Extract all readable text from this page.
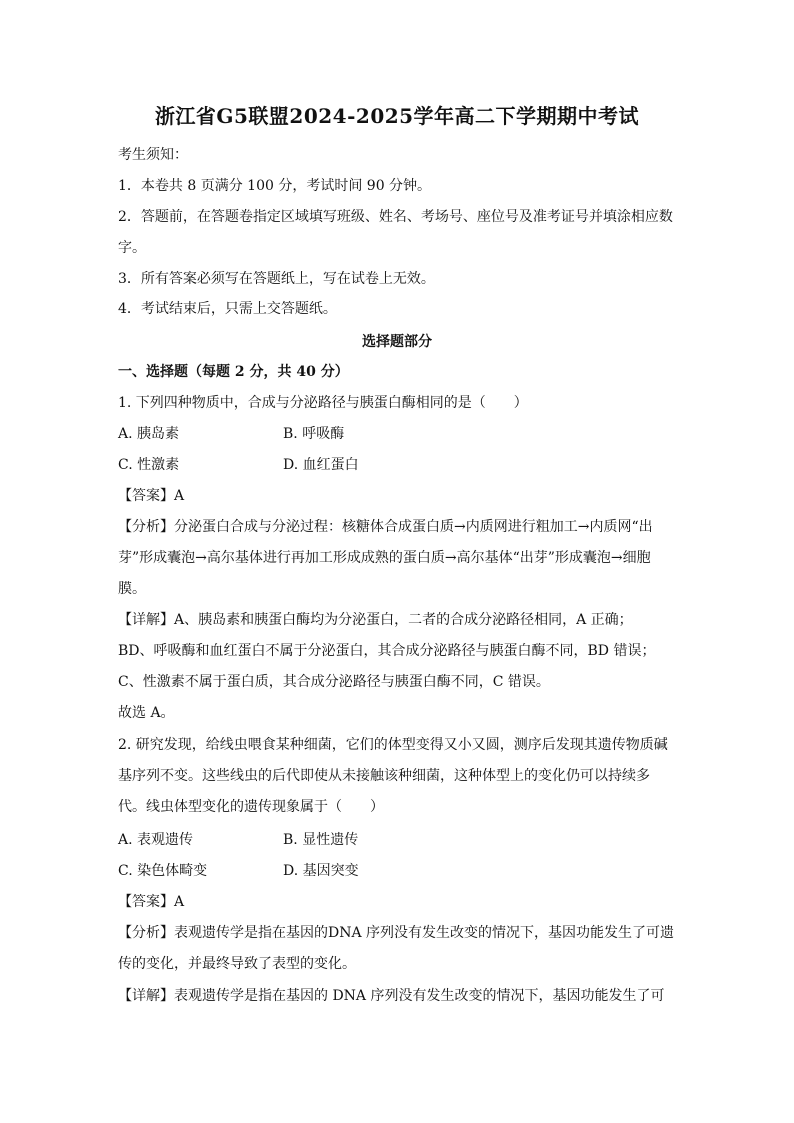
浙江省G5联盟2024-2025学年高二下学期期中考试
考生须知：
1．本卷共 8 页满分 100 分，考试时间 90 分钟。
2．答题前，在答题卷指定区域填写班级、姓名、考场号、座位号及准考证号并填涂相应数
字。
3．所有答案必须写在答题纸上，写在试卷上无效。
4．考试结束后，只需上交答题纸。
选择题部分
一、选择题（每题 2 分，共 40 分）
1. 下列四种物质中，合成与分泌路径与胰蛋白酶相同的是（　　）
A. 胰岛素	B. 呼吸酶
C. 性激素	D. 血红蛋白
【答案】A
【分析】分泌蛋白合成与分泌过程：核糖体合成蛋白质→内质网进行粗加工→内质网“出
芽”形成囊泡→高尔基体进行再加工形成成熟的蛋白质→高尔基体“出芽”形成囊泡→细胞
膜。
【详解】A、胰岛素和胰蛋白酶均为分泌蛋白，二者的合成分泌路径相同，A 正确；
BD、呼吸酶和血红蛋白不属于分泌蛋白，其合成分泌路径与胰蛋白酶不同，BD 错误；
C、性激素不属于蛋白质，其合成分泌路径与胰蛋白酶不同，C 错误。
故选 A。
2. 研究发现，给线虫喂食某种细菌，它们的体型变得又小又圆，测序后发现其遗传物质碱
基序列不变。这些线虫的后代即使从未接触该种细菌，这种体型上的变化仍可以持续多
代。线虫体型变化的遗传现象属于（　　）
A. 表观遗传	B. 显性遗传
C. 染色体畸变	D. 基因突变
【答案】A
【分析】表观遗传学是指在基因的DNA 序列没有发生改变的情况下，基因功能发生了可遗
传的变化，并最终导致了表型的变化。
【详解】表观遗传学是指在基因的 DNA 序列没有发生改变的情况下，基因功能发生了可
